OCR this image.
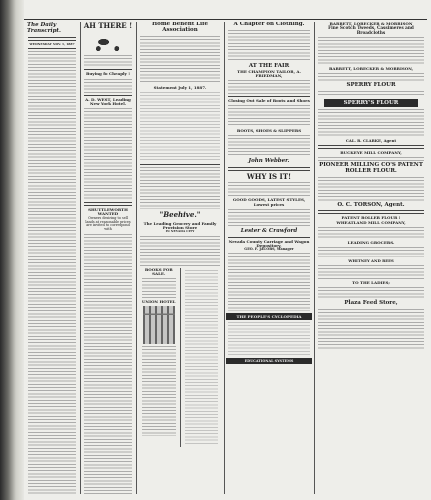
The Daily Transcript.
WEDNESDAY NOV. 1, 1887
AH THERE !
Buying fo Cheaply !
A. D. WEST, Leading New York Hotel.
SHUTTLEWORTH WANTED
Owners desiring to sell lands at reasonable prices are invited to correspond with
Home Benefit Life Association
Statement July 1, 1887.
"Beehive."
The Leading Grocery and Family Provision Store
IN NEVADA CITY
BOOKS FOR SALE.
UNION HOTEL
A Chapter on Clothing.
AT THE FAIR
THE CHAMPION TAILOR, A. FRIEDMAN,
Closing Out Sale of Boots and Shoes
BOOTS, SHOES & SLIPPERS
John Webber.
WHY IS IT!
GOOD GOODS, LATEST STYLES, Lowest prices
Lester & Crawford
Nevada County Carriage and Wagon Depository,
GEO. F. JACOBS, Manager
THE PEOPLE'S CYCLOPEDIA
EDUCATIONAL SYSTEMS
BARRETT, LOBECKER & MORRISON
Fine Scotch Tweeds, Cassimeres and Broadcloths
BARRETT, LOBECKER & MORRISON,
SPERRY FLOUR
SPERRY'S FLOUR
CAL. R. CLARKE, Agent
BUCKEYE MILL COMPANY,
PIONEER MILLING CO'S PATENT ROLLER FLOUR.
O. C. TORSON, Agent.
PATENT ROLLER FLOUR !
WHEATLAND MILL COMPANY,
LEADING GROCERS.
WHITNEY AND REES
TO THE LADIES;
Plaza Feed Store,
